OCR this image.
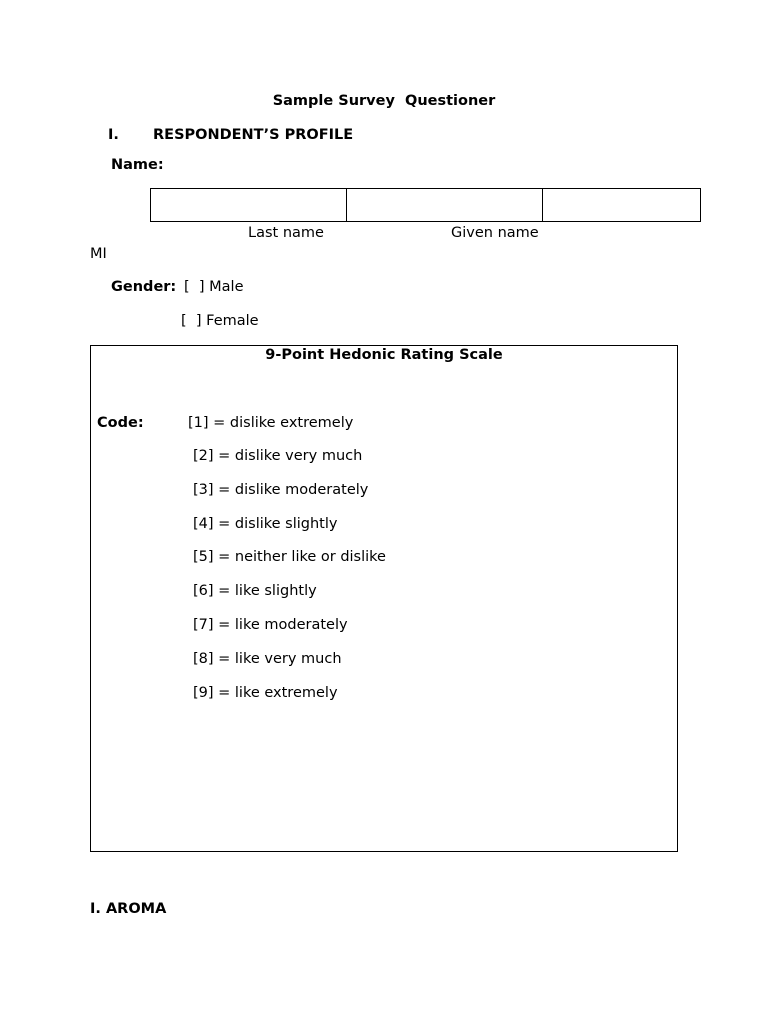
Sample Survey  Questioner
I. RESPONDENT’S PROFILE
Name:
Last name	Given name
MI
Gender: [  ] Male
[  ] Female
9-Point Hedonic Rating Scale
Code:	[1] = dislike extremely
[2] = dislike very much
[3] = dislike moderately
[4] = dislike slightly
[5] = neither like or dislike
[6] = like slightly
[7] = like moderately
[8] = like very much
[9] = like extremely
I. AROMA
